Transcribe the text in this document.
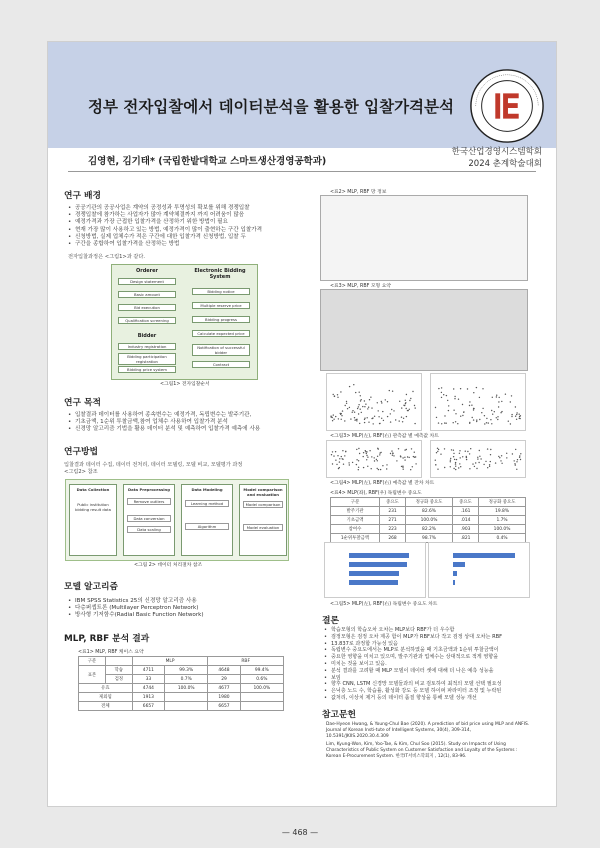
정부 전자입찰에서 데이터분석을 활용한 입찰가격분석
김영현, 김기태* (국립한밭대학교 스마트생산경영공학과)
한국산업경영시스템학회
2024 춘계학술대회
연구 배경
• 공공기관의 공공사업은 계약의 공정성과 투명성의 확보를 위해 경쟁입찰
• 경쟁입찰에 참가하는 사업자가 많아 계약체결까지 까지 어려움이 많음
• 예정가격과 가장 근접한 입찰가격을 산정하기 위한 방법이 필요
• 현재 가장 많이 사용하고 있는 방법, 예정가격이 많이 출현하는 구간 입찰가격
• 신청방법, 실제 업체수가 적은 구간에 대한 입찰가격 신청방법, 입찰 두
• 구간을 종합하여 입찰가격을 산정하는 방법
전자입찰과정은 <그림1>과 같다.
Orderer
Design statement
Basic amount
Bid execution
Qualification screening
Bidder
Industry registration
Bidding participation registration
Bidding price system
Electronic Bidding System
Bidding notice
Multiple reserve price
Bidding progress
Calculate expected price
Notification of successful bidder
Contract
<그림1> 전자입찰순서
연구 목적
• 입찰결과 데이터를 사용하여 종속변수는 예정가격, 독립변수는 발주기관,
• 기초금액, 1순위 투찰금액,참여 업체수 사용하여 입찰가격 분석
• 신경망 알고리즘 기법을 활용 데이터 분석 및 예측하여 입찰가격 예측에 사용
연구방법
입찰결과 데이터 수집, 데이터 전처리, 데이터 모델링, 모델 비교, 모델평가 과정
<그림2> 참조
Data Collection
Public institution bidding result data
Data Preprocessing
Remove outliers
Data conversion
Data scaling
Data Modeling
Learning method
Algorithm
Model comparison and evaluation
Model comparison
Model evaluation
<그림 2> 데이터 처리절차 참조
모델 알고리즘
• IBM SPSS Statistics 25의 신경망 알고리즘 사용
• 다층퍼셉트론 (Multilayer Perceptron Network)
• 방사형 기저함수(Radial Basic Function Network)
MLP, RBF 분석 결과
<표1> MLP, RBF 케이스 요약
구분		MLP		RBF	
표본	학습	4711	99.3%	4648	99.4%
	검정	33	0.7%	29	0.6%
유효		4744	100.0%	4677	100.0%
제외됨		1913		1980	
전체		6657		6657	
<표2> MLP, RBF 망 정보
<표3> MLP, RBF 모형 요약
<그림3> MLP(左), RBF(右) 관측값 별 예측값 차트
<그림4> MLP(左), RBF(右) 예측값 별 잔차 차트
<표4> MLP(좌), RBF(우) 독립변수 중요도
구분	중요도	정규화 중요도	중요도	정규화 중요도
발주기관	231	82.6%	.161	19.8%
기초금액	271	100.0%	.014	1.7%
참여수	223	82.2%	.903	100.0%
1순위투찰금액	268	98.7%	.821	0.4%
<그림5> MLP(左), RBF(右) 독립변수 중요도 차트
결론
• 학습모형의 학습오차 오차는 MLP보다 RBF가 더 우수함
• 검정모형은 검정 오차 제공 함이 MLP가 RBF보다 작고 검정 상대 오차는 RBF
• 13.837로 과정합 가능성 있음
• 독립변수 중요도에서는 MLP로 분석하였을 때 기초금액과 1순위 투찰금액이
• 중요한 영향을 미치고 있으며, 발주기관과 업체수는 상대적으로 적게 영향을
• 미치는 것을 보이고 있음.
• 분석 결과를 고려할 때 MLP 모델이 데이터 셋에 대해 더 나은 예측 성능을
• 보임
• 향후 CNN, LSTM 신경망 모델들과의 비교 검토하여 최적의 모델 선택 필요성
• 은닉층 노드 수, 학습률, 활성화 강도 등 모델 하이퍼 파라미터 조정 및 누락된
• 값처리, 이상치 제거 등의 데이터 품질 향상을 통해 모델 성능 개선
참고문헌
Dae-Hyeon Hwang, & Young-Chul Bae (2020). A prediction of bid price using MLP and ANFIS. Journal of Korean Insti-tute of Intelligent Systems, 30(4), 309-314, 10.5391/JKIIS.2020.30.4.309
Lim, Kyung-Won, Kim, Yoo-Tae, & Kim, Chul Soo (2015). Study on Impacts of Using Characteristics of Public System on Customer Satisfaction and Loyalty of the Systems : Korean E-Procurement System. 한국IT서비스학회지 , 12(1), 83-96.
— 468 —
